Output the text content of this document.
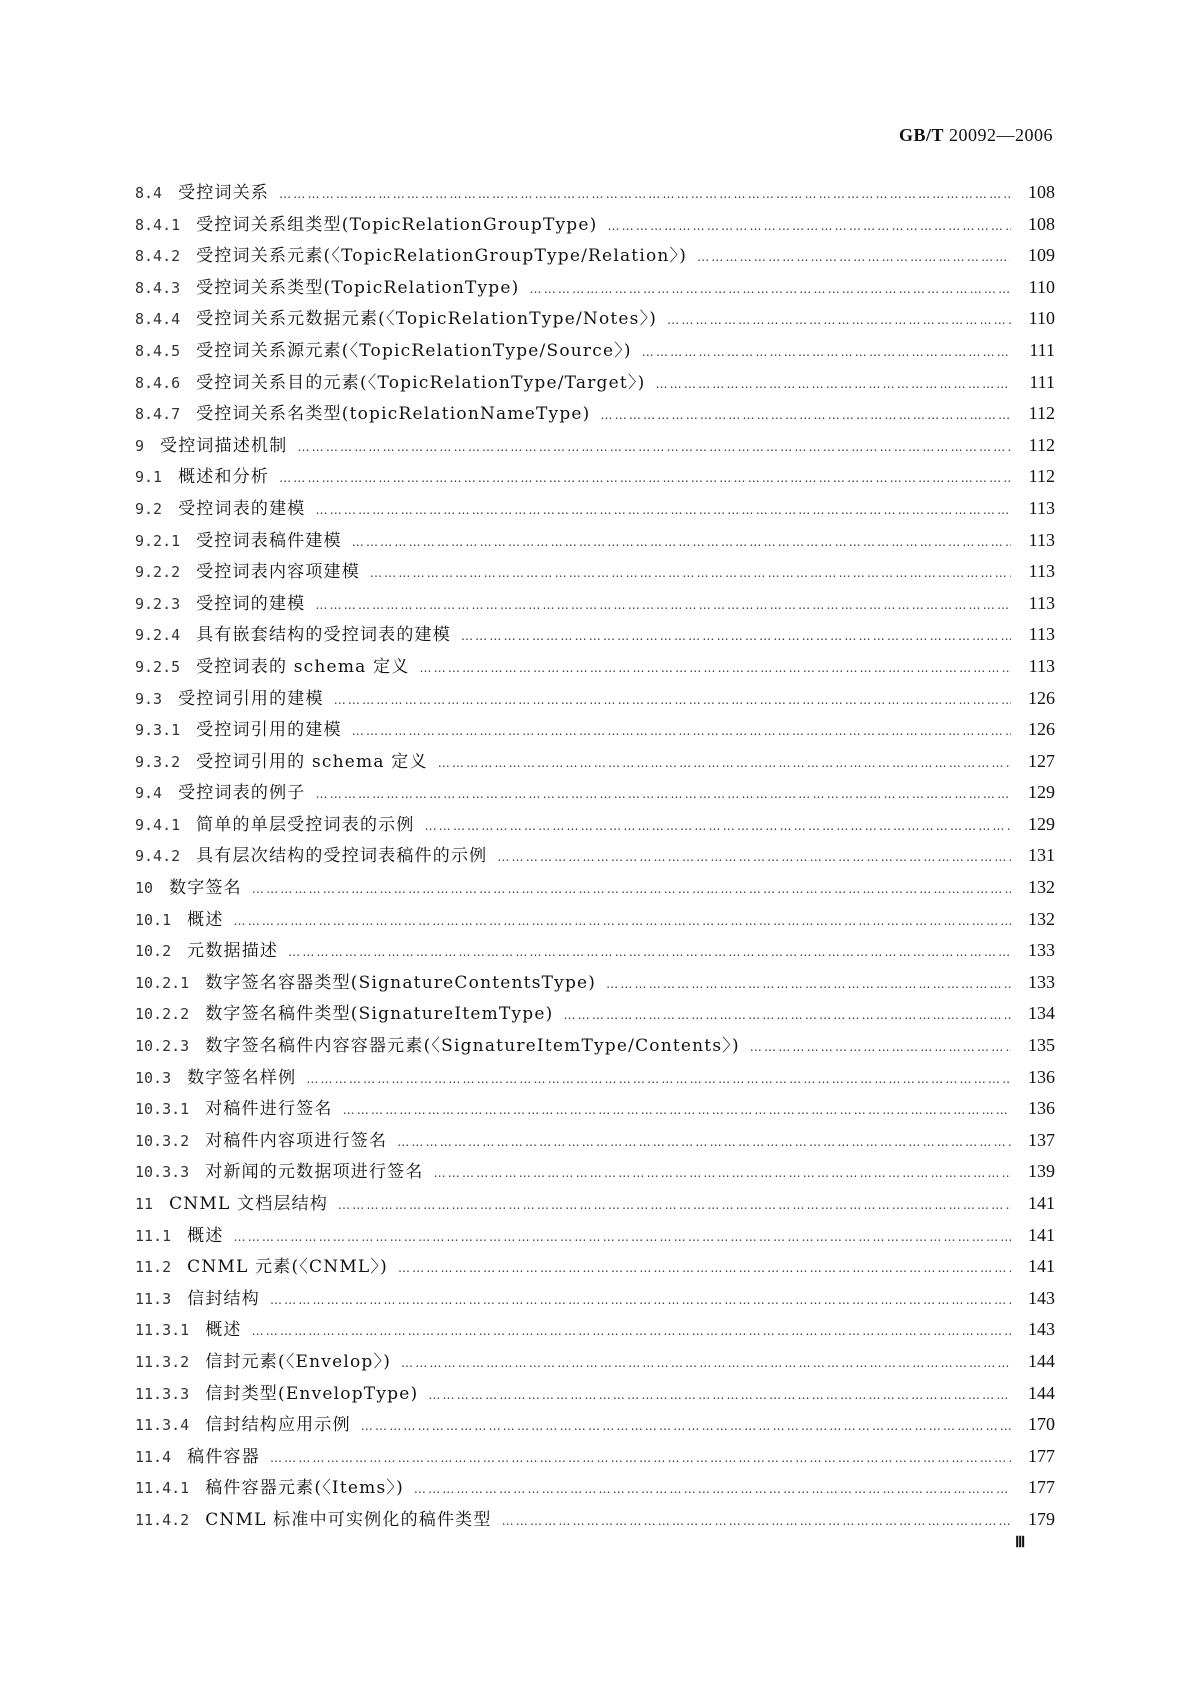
GB/T 20092—2006
8.4 受控词关系 ……………………………………………………………………………………………………………………………………………………………………………………………………………………………………………………………	108
8.4.1 受控词关系组类型(TopicRelationGroupType) ……………………………………………………………………………………………………………………………………………………………………………………………………………………………………………………………	108
8.4.2 受控词关系元素(〈TopicRelationGroupType/Relation〉) ……………………………………………………………………………………………………………………………………………………………………………………………………………………………………………………………	109
8.4.3 受控词关系类型(TopicRelationType) ……………………………………………………………………………………………………………………………………………………………………………………………………………………………………………………………	110
8.4.4 受控词关系元数据元素(〈TopicRelationType/Notes〉) ……………………………………………………………………………………………………………………………………………………………………………………………………………………………………………………………	110
8.4.5 受控词关系源元素(〈TopicRelationType/Source〉) ……………………………………………………………………………………………………………………………………………………………………………………………………………………………………………………………	111
8.4.6 受控词关系目的元素(〈TopicRelationType/Target〉) ……………………………………………………………………………………………………………………………………………………………………………………………………………………………………………………………	111
8.4.7 受控词关系名类型(topicRelationNameType) ……………………………………………………………………………………………………………………………………………………………………………………………………………………………………………………………	112
9 受控词描述机制 ……………………………………………………………………………………………………………………………………………………………………………………………………………………………………………………………	112
9.1 概述和分析 ……………………………………………………………………………………………………………………………………………………………………………………………………………………………………………………………	112
9.2 受控词表的建模 ……………………………………………………………………………………………………………………………………………………………………………………………………………………………………………………………	113
9.2.1 受控词表稿件建模 ……………………………………………………………………………………………………………………………………………………………………………………………………………………………………………………………	113
9.2.2 受控词表内容项建模 ……………………………………………………………………………………………………………………………………………………………………………………………………………………………………………………………	113
9.2.3 受控词的建模 ……………………………………………………………………………………………………………………………………………………………………………………………………………………………………………………………	113
9.2.4 具有嵌套结构的受控词表的建模 ……………………………………………………………………………………………………………………………………………………………………………………………………………………………………………………………	113
9.2.5 受控词表的 schema 定义 ……………………………………………………………………………………………………………………………………………………………………………………………………………………………………………………………	113
9.3 受控词引用的建模 ……………………………………………………………………………………………………………………………………………………………………………………………………………………………………………………………	126
9.3.1 受控词引用的建模 ……………………………………………………………………………………………………………………………………………………………………………………………………………………………………………………………	126
9.3.2 受控词引用的 schema 定义 ……………………………………………………………………………………………………………………………………………………………………………………………………………………………………………………………	127
9.4 受控词表的例子 ……………………………………………………………………………………………………………………………………………………………………………………………………………………………………………………………	129
9.4.1 简单的单层受控词表的示例 ……………………………………………………………………………………………………………………………………………………………………………………………………………………………………………………………	129
9.4.2 具有层次结构的受控词表稿件的示例 ……………………………………………………………………………………………………………………………………………………………………………………………………………………………………………………………	131
10 数字签名 ……………………………………………………………………………………………………………………………………………………………………………………………………………………………………………………………	132
10.1 概述 ……………………………………………………………………………………………………………………………………………………………………………………………………………………………………………………………	132
10.2 元数据描述 ……………………………………………………………………………………………………………………………………………………………………………………………………………………………………………………………	133
10.2.1 数字签名容器类型(SignatureContentsType) ……………………………………………………………………………………………………………………………………………………………………………………………………………………………………………………………	133
10.2.2 数字签名稿件类型(SignatureItemType) ……………………………………………………………………………………………………………………………………………………………………………………………………………………………………………………………	134
10.2.3 数字签名稿件内容容器元素(〈SignatureItemType/Contents〉) ……………………………………………………………………………………………………………………………………………………………………………………………………………………………………………………………	135
10.3 数字签名样例 ……………………………………………………………………………………………………………………………………………………………………………………………………………………………………………………………	136
10.3.1 对稿件进行签名 ……………………………………………………………………………………………………………………………………………………………………………………………………………………………………………………………	136
10.3.2 对稿件内容项进行签名 ……………………………………………………………………………………………………………………………………………………………………………………………………………………………………………………………	137
10.3.3 对新闻的元数据项进行签名 ……………………………………………………………………………………………………………………………………………………………………………………………………………………………………………………………	139
11 CNML 文档层结构 ……………………………………………………………………………………………………………………………………………………………………………………………………………………………………………………………	141
11.1 概述 ……………………………………………………………………………………………………………………………………………………………………………………………………………………………………………………………	141
11.2 CNML 元素(〈CNML〉) ……………………………………………………………………………………………………………………………………………………………………………………………………………………………………………………………	141
11.3 信封结构 ……………………………………………………………………………………………………………………………………………………………………………………………………………………………………………………………	143
11.3.1 概述 ……………………………………………………………………………………………………………………………………………………………………………………………………………………………………………………………	143
11.3.2 信封元素(〈Envelop〉) ……………………………………………………………………………………………………………………………………………………………………………………………………………………………………………………………	144
11.3.3 信封类型(EnvelopType) ……………………………………………………………………………………………………………………………………………………………………………………………………………………………………………………………	144
11.3.4 信封结构应用示例 ……………………………………………………………………………………………………………………………………………………………………………………………………………………………………………………………	170
11.4 稿件容器 ……………………………………………………………………………………………………………………………………………………………………………………………………………………………………………………………	177
11.4.1 稿件容器元素(〈Items〉) ……………………………………………………………………………………………………………………………………………………………………………………………………………………………………………………………	177
11.4.2 CNML 标准中可实例化的稿件类型 ……………………………………………………………………………………………………………………………………………………………………………………………………………………………………………………………	179
Ⅲ
